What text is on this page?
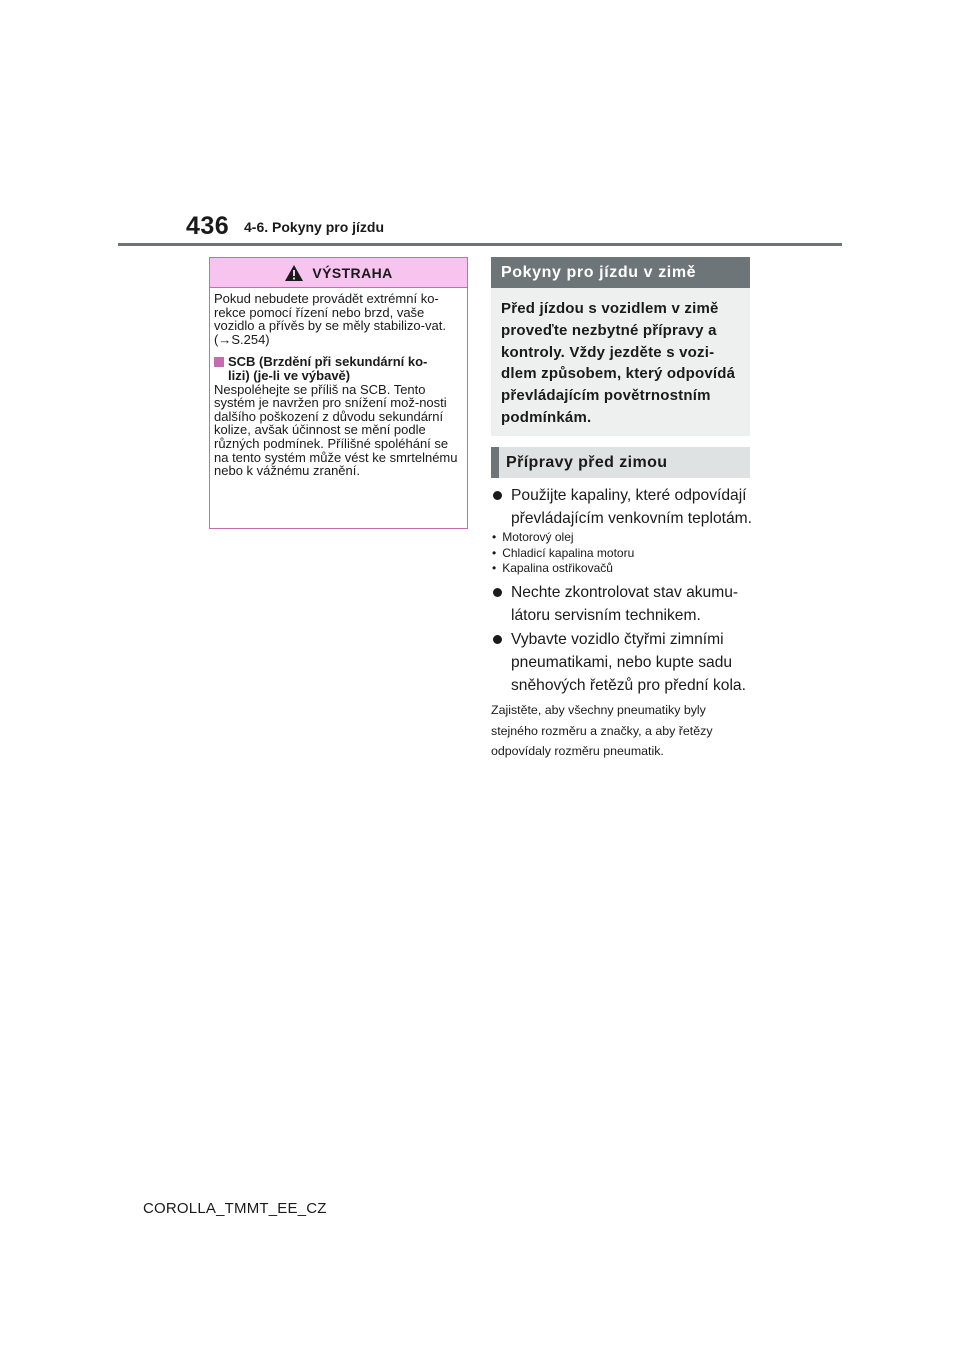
436 4-6. Pokyny pro jízdu
VÝSTRAHA

Pokud nebudete provádět extrémní ko-rekce pomocí řízení nebo brzd, vaše vozidlo a přívěs by se měly stabilizo-vat. (→S.254)

SCB (Brzdění při sekundární ko-
lizi) (je-li ve výbavě)

Nespoléhejte se příliš na SCB. Tento systém je navržen pro snížení mož-nosti dalšího poškození z důvodu sekundární kolize, avšak účinnost se mění podle různých podmínek. Přílišné spoléhání se na tento systém může vést ke smrtelnému nebo k vážnému zranění.

Pokyny pro jízdu v zimě
Před jízdou s vozidlem v zimě proveďte nezbytné přípravy a kontroly. Vždy jezděte s vozi-dlem způsobem, který odpovídá převládajícím povětrnostním podmínkám.
Přípravy před zimou
Použijte kapaliny, které odpovídají převládajícím venkovním teplotám.
• Motorový olej
• Chladicí kapalina motoru
• Kapalina ostřikovačů
Nechte zkontrolovat stav akumu-látoru servisním technikem.
Vybavte vozidlo čtyřmi zimními pneumatikami, nebo kupte sadu sněhových řetězů pro přední kola.
Zajistěte, aby všechny pneumatiky byly stejného rozměru a značky, a aby řetězy odpovídaly rozměru pneumatik.
COROLLA_TMMT_EE_CZ
